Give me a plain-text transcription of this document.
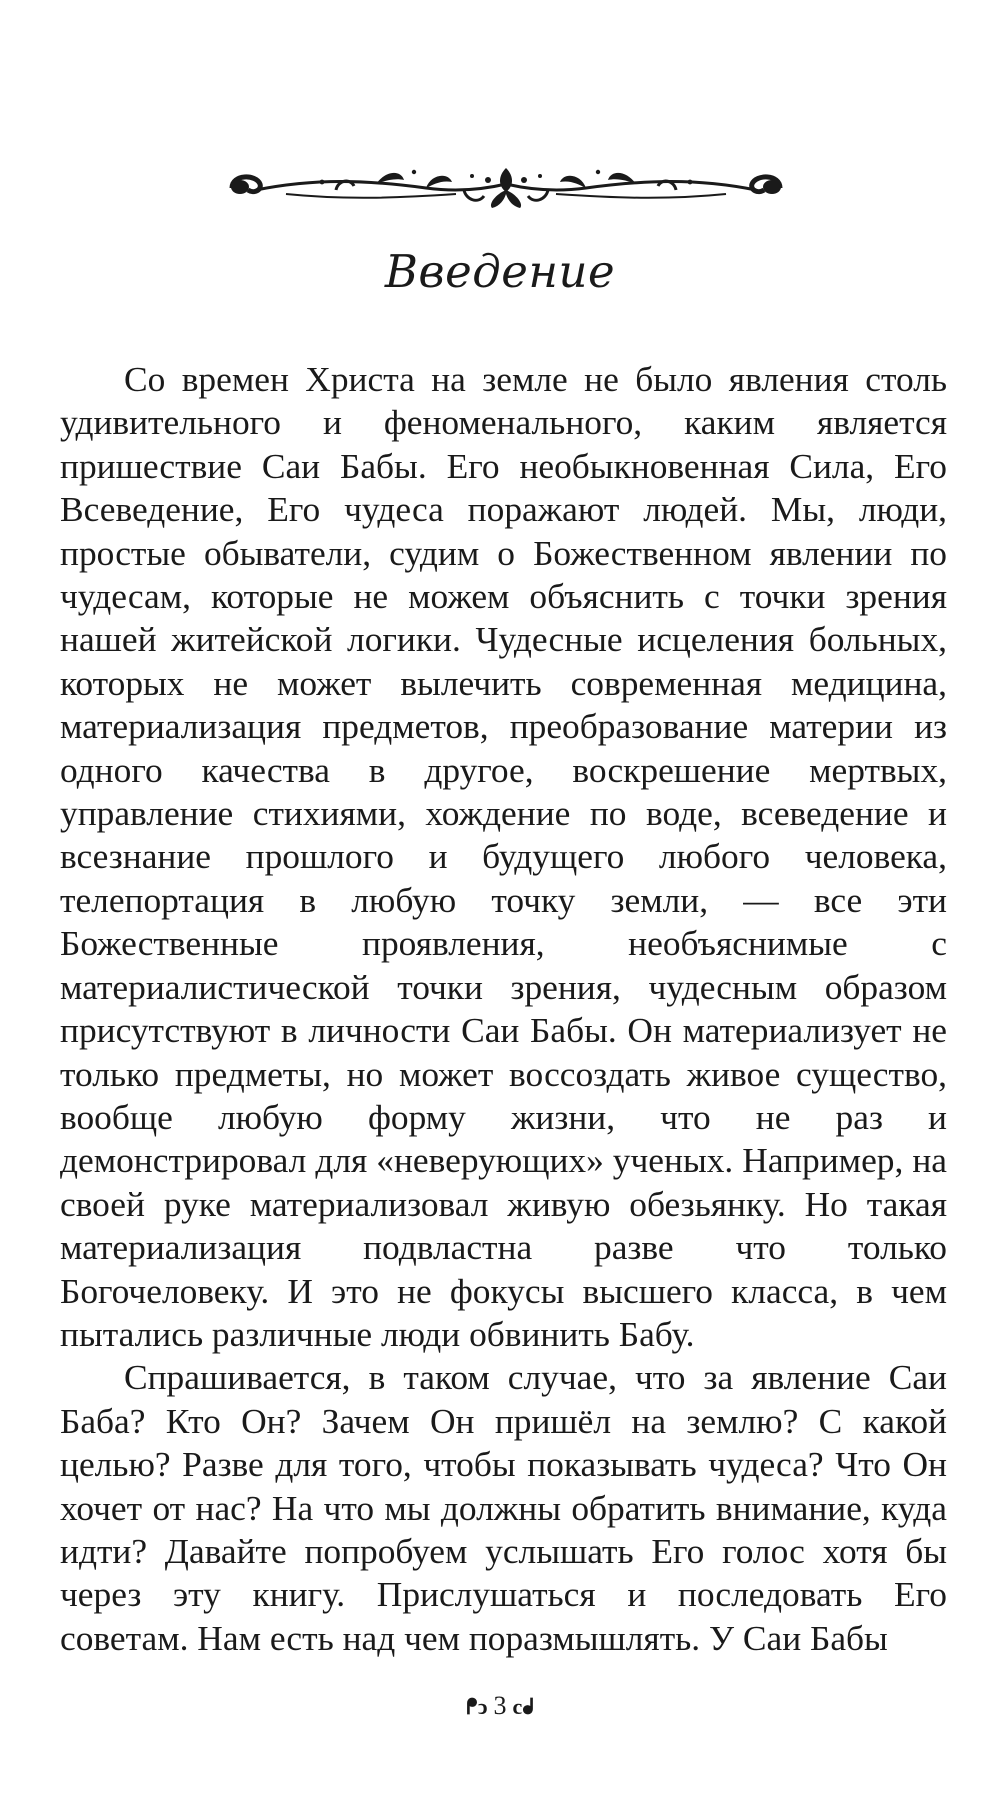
Введение

Со времен Христа на земле не было явления столь удивительного и феноменального, каким является пришествие Саи Бабы. Его необыкновенная Сила, Его Всеведение, Его чудеса поражают людей. Мы, люди, простые обыватели, судим о Божественном явлении по чудесам, которые не можем объяснить с точки зрения нашей житейской логики. Чудесные исцеления больных, которых не может вылечить современная медицина, материализация предметов, преобразование материи из одного качества в другое, воскрешение мертвых, управление стихиями, хождение по воде, всеведение и всезнание прошлого и будущего любого человека, телепортация в любую точку земли, — все эти Божественные проявления, необъяснимые с материалистической точки зрения, чудесным образом присутствуют в личности Саи Бабы. Он материализует не только предметы, но может воссоздать живое существо, вообще любую форму жизни, что не раз и демонстрировал для «неверующих» ученых. Например, на своей руке материализовал живую обезьянку. Но такая материализация подвластна разве что только Богочеловеку. И это не фокусы высшего класса, в чем пытались различные люди обвинить Бабу.

Спрашивается, в таком случае, что за явление Саи Баба? Кто Он? Зачем Он пришёл на землю? С какой целью? Разве для того, чтобы показывать чудеса? Что Он хочет от нас? На что мы должны обратить внимание, куда идти? Давайте попробуем услышать Его голос хотя бы через эту книгу. Прислушаться и последовать Его советам. Нам есть над чем поразмышлять. У Саи Бабы

ᖰↄ 3 cᖱ
